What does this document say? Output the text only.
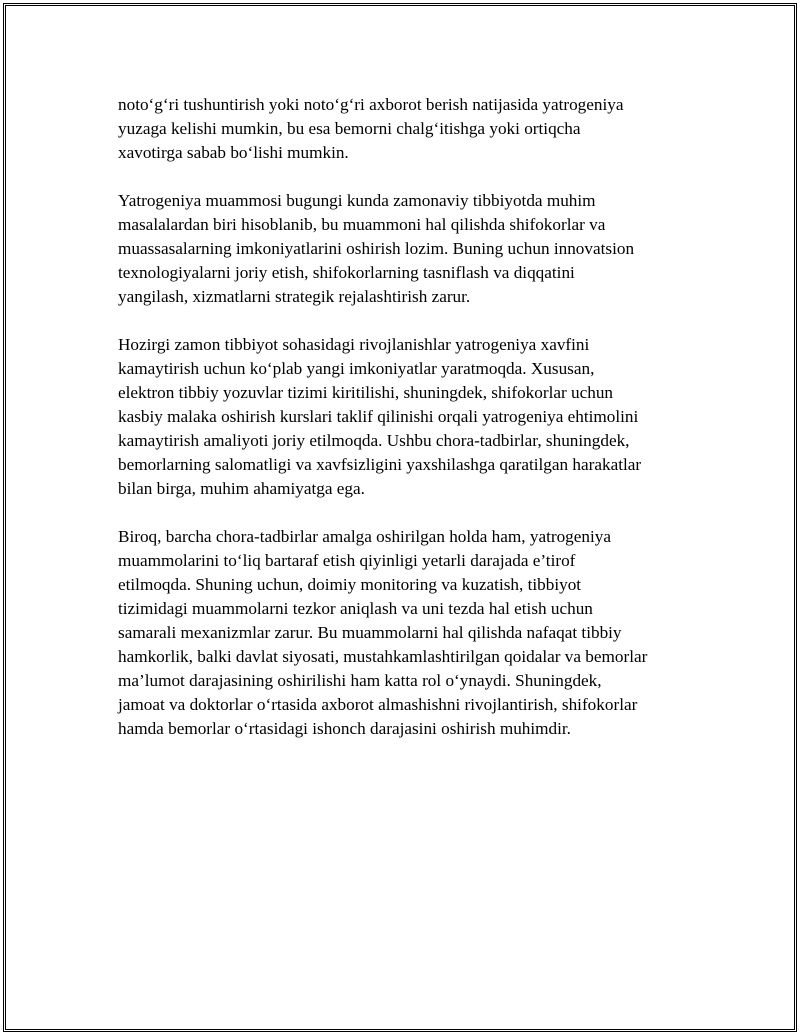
noto‘g‘ri tushuntirish yoki noto‘g‘ri axborot berish natijasida yatrogeniya
yuzaga kelishi mumkin, bu esa bemorni chalg‘itishga yoki ortiqcha
xavotirga sabab bo‘lishi mumkin.

Yatrogeniya muammosi bugungi kunda zamonaviy tibbiyotda muhim
masalalardan biri hisoblanib, bu muammoni hal qilishda shifokorlar va
muassasalarning imkoniyatlarini oshirish lozim. Buning uchun innovatsion
texnologiyalarni joriy etish, shifokorlarning tasniflash va diqqatini
yangilash, xizmatlarni strategik rejalashtirish zarur.

Hozirgi zamon tibbiyot sohasidagi rivojlanishlar yatrogeniya xavfini
kamaytirish uchun ko‘plab yangi imkoniyatlar yaratmoqda. Xususan,
elektron tibbiy yozuvlar tizimi kiritilishi, shuningdek, shifokorlar uchun
kasbiy malaka oshirish kurslari taklif qilinishi orqali yatrogeniya ehtimolini
kamaytirish amaliyoti joriy etilmoqda. Ushbu chora-tadbirlar, shuningdek,
bemorlarning salomatligi va xavfsizligini yaxshilashga qaratilgan harakatlar
bilan birga, muhim ahamiyatga ega.

Biroq, barcha chora-tadbirlar amalga oshirilgan holda ham, yatrogeniya
muammolarini to‘liq bartaraf etish qiyinligi yetarli darajada e’tirof
etilmoqda. Shuning uchun, doimiy monitoring va kuzatish, tibbiyot
tizimidagi muammolarni tezkor aniqlash va uni tezda hal etish uchun
samarali mexanizmlar zarur. Bu muammolarni hal qilishda nafaqat tibbiy
hamkorlik, balki davlat siyosati, mustahkamlashtirilgan qoidalar va bemorlar
ma’lumot darajasining oshirilishi ham katta rol o‘ynaydi. Shuningdek,
jamoat va doktorlar o‘rtasida axborot almashishni rivojlantirish, shifokorlar
hamda bemorlar o‘rtasidagi ishonch darajasini oshirish muhimdir.
